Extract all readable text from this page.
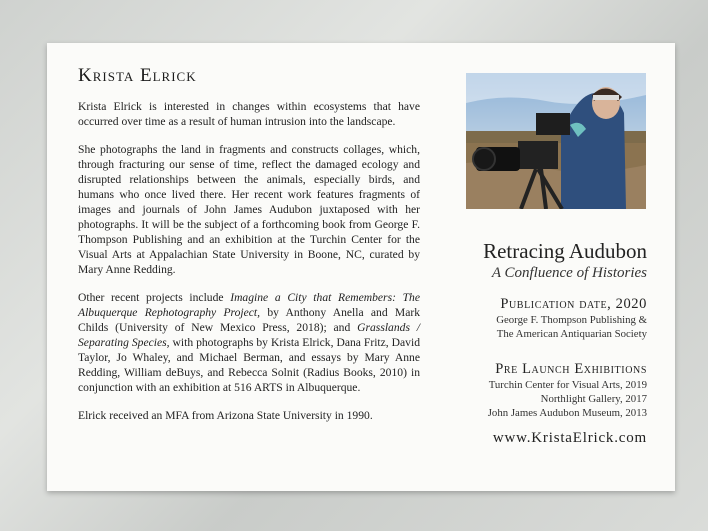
Krista Elrick

Krista Elrick is interested in changes within ecosystems that have occurred over time as a result of human intrusion into the landscape.

She photographs the land in fragments and constructs collages, which, through fracturing our sense of time, reflect the damaged ecology and disrupted relationships between the animals, especially birds, and humans who once lived there. Her recent work features fragments of images and journals of John James Audubon juxtaposed with her photographs. It will be the subject of a forthcoming book from George F. Thompson Publishing and an exhibition at the Turchin Center for the Visual Arts at Appalachian State University in Boone, NC, curated by Mary Anne Redding.

Other recent projects include Imagine a City that Remembers: The Albuquerque Rephotography Project, by Anthony Anella and Mark Childs (University of New Mexico Press, 2018); and Grasslands / Separating Species, with photographs by Krista Elrick, Dana Fritz, David Taylor, Jo Whaley, and Michael Berman, and essays by Mary Anne Redding, William deBuys, and Rebecca Solnit (Radius Books, 2010) in conjunction with an exhibition at 516 ARTS in Albuquerque.

Elrick received an MFA from Arizona State University in 1990.

Retracing Audubon
A Confluence of Histories
Publication date, 2020
George F. Thompson Publishing &
The American Antiquarian Society
Pre Launch Exhibitions
Turchin Center for Visual Arts, 2019
Northlight Gallery, 2017
John James Audubon Museum, 2013
www.KristaElrick.com
